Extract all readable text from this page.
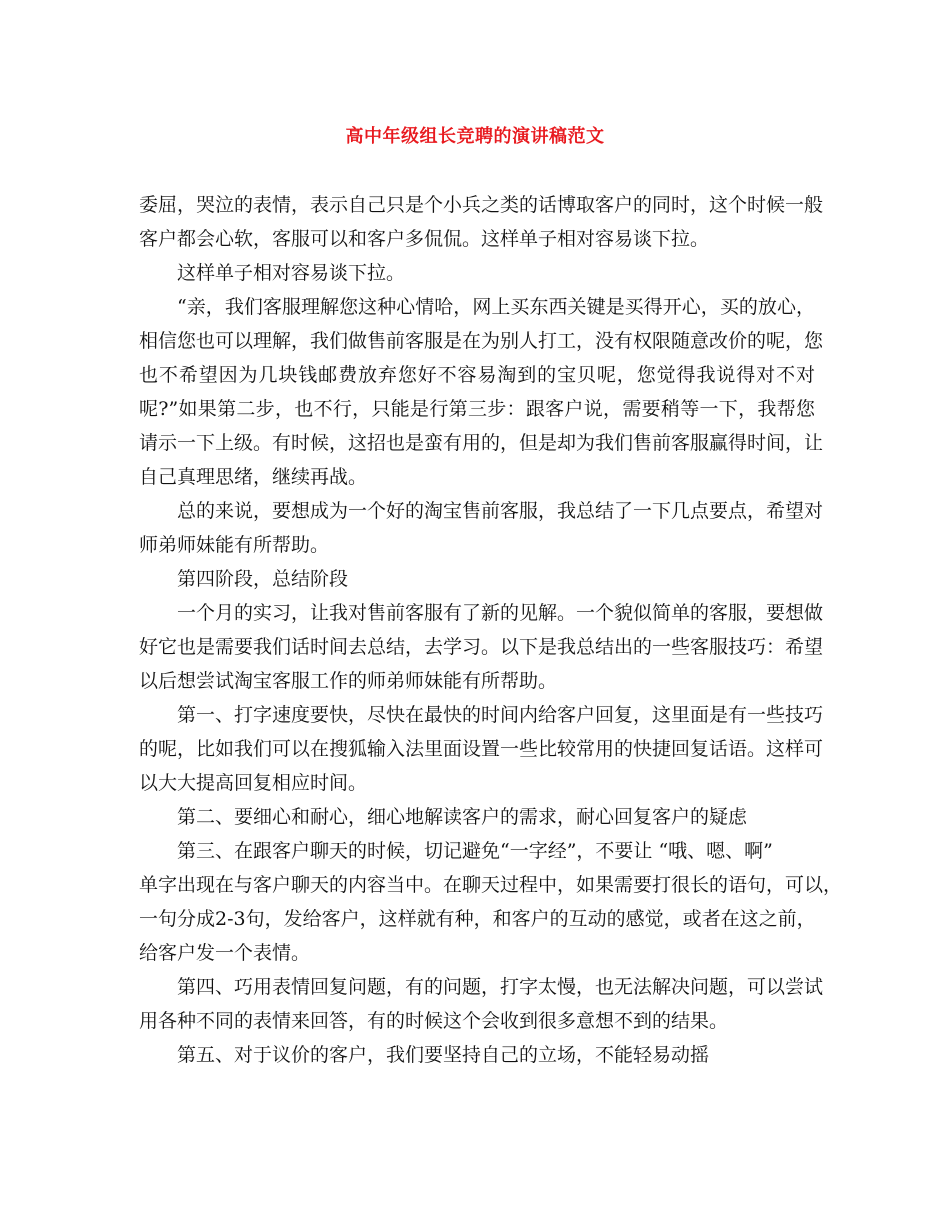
高中年级组长竞聘的演讲稿范文
委屈，哭泣的表情，表示自己只是个小兵之类的话博取客户的同时，这个时候一般
客户都会心软，客服可以和客户多侃侃。这样单子相对容易谈下拉。
这样单子相对容易谈下拉。
“亲，我们客服理解您这种心情哈，网上买东西关键是买得开心，买的放心，
相信您也可以理解，我们做售前客服是在为别人打工，没有权限随意改价的呢，您
也不希望因为几块钱邮费放弃您好不容易淘到的宝贝呢，您觉得我说得对不对
呢?”如果第二步，也不行，只能是行第三步：跟客户说，需要稍等一下，我帮您
请示一下上级。有时候，这招也是蛮有用的，但是却为我们售前客服赢得时间，让
自己真理思绪，继续再战。
总的来说，要想成为一个好的淘宝售前客服，我总结了一下几点要点，希望对
师弟师妹能有所帮助。
第四阶段，总结阶段
一个月的实习，让我对售前客服有了新的见解。一个貌似简单的客服，要想做
好它也是需要我们话时间去总结，去学习。以下是我总结出的一些客服技巧：希望
以后想尝试淘宝客服工作的师弟师妹能有所帮助。
第一、打字速度要快，尽快在最快的时间内给客户回复，这里面是有一些技巧
的呢，比如我们可以在搜狐输入法里面设置一些比较常用的快捷回复话语。这样可
以大大提高回复相应时间。
第二、要细心和耐心，细心地解读客户的需求，耐心回复客户的疑虑
第三、在跟客户聊天的时候，切记避免“一字经”，不要让 “哦、嗯、啊”
单字出现在与客户聊天的内容当中。在聊天过程中，如果需要打很长的语句，可以，
一句分成2-3句，发给客户，这样就有种，和客户的互动的感觉，或者在这之前，
给客户发一个表情。
第四、巧用表情回复问题，有的问题，打字太慢，也无法解决问题，可以尝试
用各种不同的表情来回答，有的时候这个会收到很多意想不到的结果。
第五、对于议价的客户，我们要坚持自己的立场，不能轻易动摇
